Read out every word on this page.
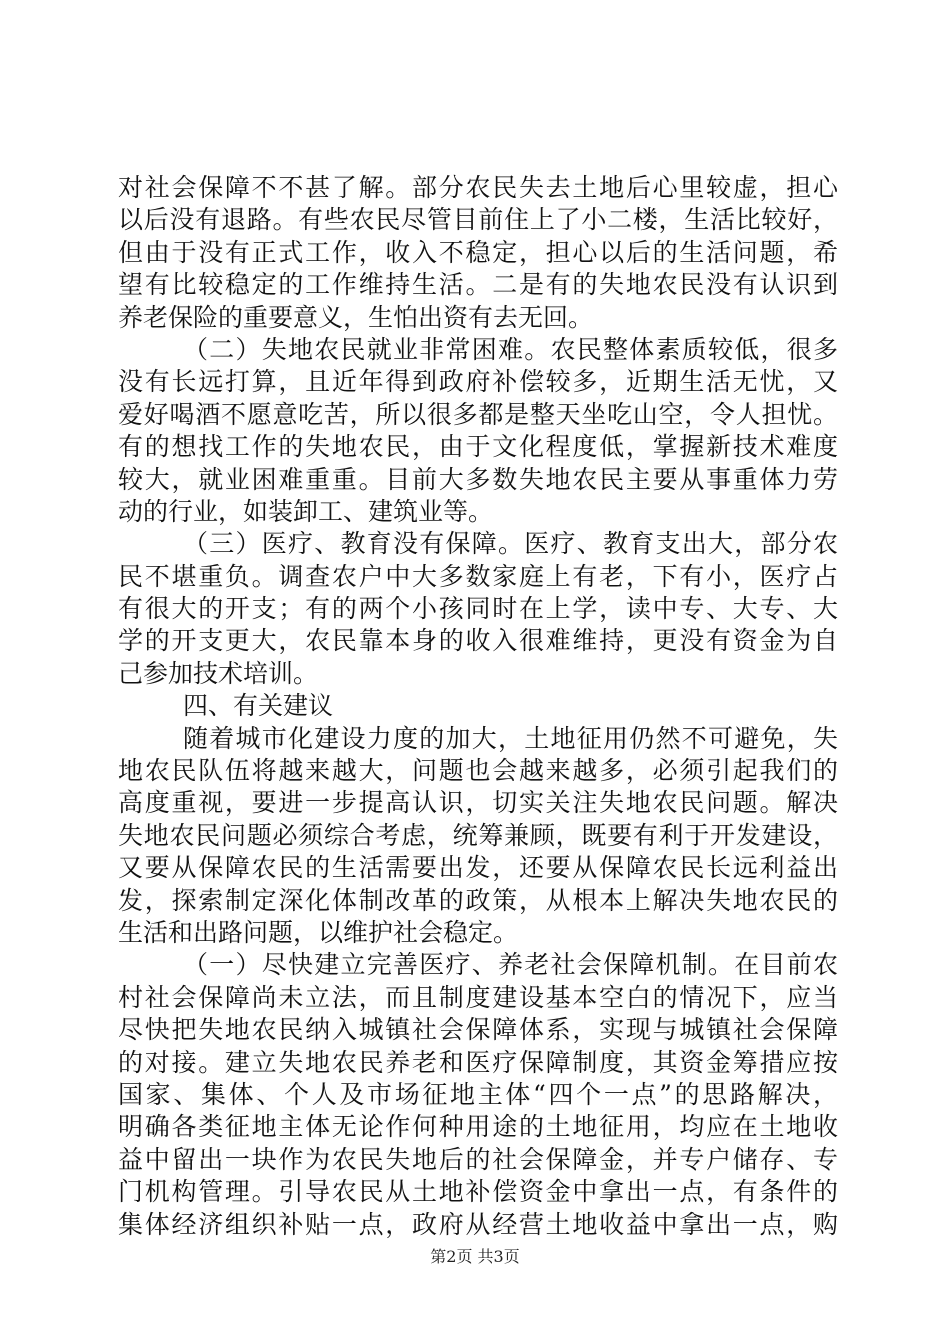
对社会保障不不甚了解。部分农民失去土地后心里较虚，担心
以后没有退路。有些农民尽管目前住上了小二楼，生活比较好，
但由于没有正式工作，收入不稳定，担心以后的生活问题，希
望有比较稳定的工作维持生活。二是有的失地农民没有认识到
养老保险的重要意义，生怕出资有去无回。
（二）失地农民就业非常困难。农民整体素质较低，很多
没有长远打算，且近年得到政府补偿较多，近期生活无忧，又
爱好喝酒不愿意吃苦，所以很多都是整天坐吃山空，令人担忧。
有的想找工作的失地农民，由于文化程度低，掌握新技术难度
较大，就业困难重重。目前大多数失地农民主要从事重体力劳
动的行业，如装卸工、建筑业等。
（三）医疗、教育没有保障。医疗、教育支出大，部分农
民不堪重负。调查农户中大多数家庭上有老，下有小，医疗占
有很大的开支；有的两个小孩同时在上学，读中专、大专、大
学的开支更大，农民靠本身的收入很难维持，更没有资金为自
己参加技术培训。
四、有关建议
随着城市化建设力度的加大，土地征用仍然不可避免，失
地农民队伍将越来越大，问题也会越来越多，必须引起我们的
高度重视，要进一步提高认识，切实关注失地农民问题。解决
失地农民问题必须综合考虑，统筹兼顾，既要有利于开发建设，
又要从保障农民的生活需要出发，还要从保障农民长远利益出
发，探索制定深化体制改革的政策，从根本上解决失地农民的
生活和出路问题，以维护社会稳定。
（一）尽快建立完善医疗、养老社会保障机制。在目前农
村社会保障尚未立法，而且制度建设基本空白的情况下，应当
尽快把失地农民纳入城镇社会保障体系，实现与城镇社会保障
的对接。建立失地农民养老和医疗保障制度，其资金筹措应按
国家、集体、个人及市场征地主体“四个一点”的思路解决，
明确各类征地主体无论作何种用途的土地征用，均应在土地收
益中留出一块作为农民失地后的社会保障金，并专户储存、专
门机构管理。引导农民从土地补偿资金中拿出一点，有条件的
集体经济组织补贴一点，政府从经营土地收益中拿出一点，购
第2页 共3页
